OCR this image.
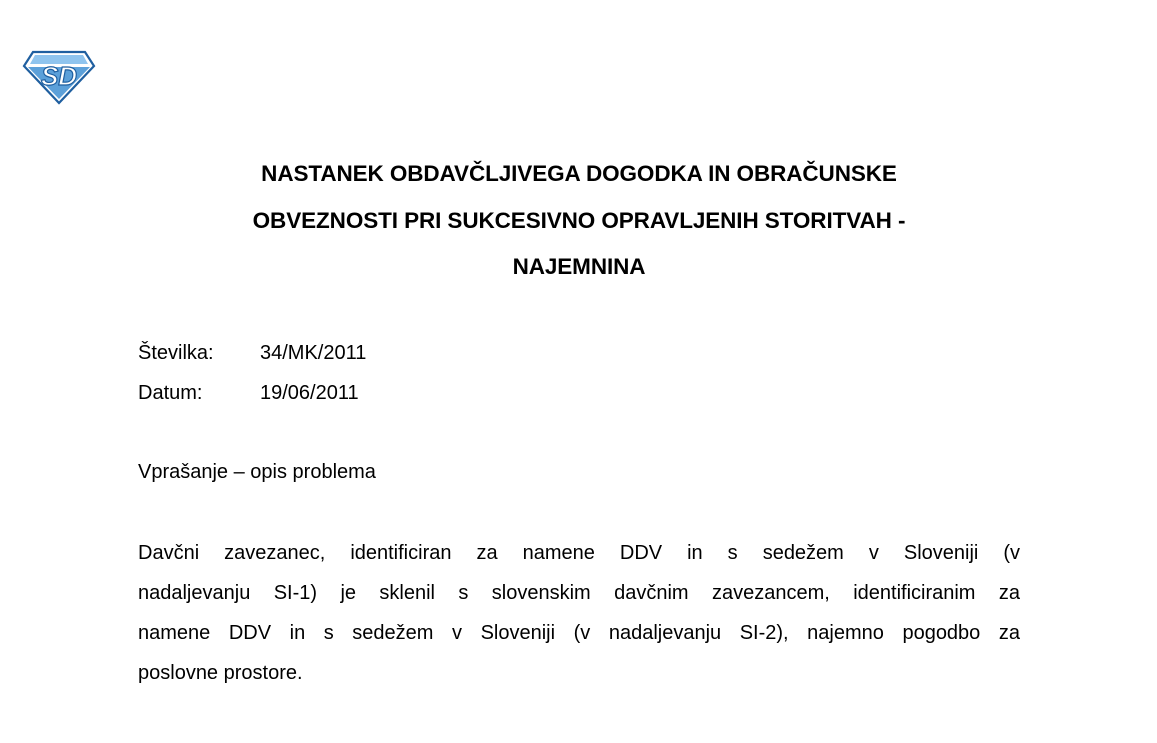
SD
NASTANEK OBDAVČLJIVEGA DOGODKA IN OBRAČUNSKE
OBVEZNOSTI PRI SUKCESIVNO OPRAVLJENIH STORITVAH -
NAJEMNINA
Številka: 34/MK/2011
Datum:	19/06/2011
Vprašanje – opis problema
Davčni zavezanec, identificiran za namene DDV in s sedežem v Sloveniji (v
nadaljevanju SI-1) je sklenil s slovenskim davčnim zavezancem, identificiranim za
namene DDV in s sedežem v Sloveniji (v nadaljevanju SI-2), najemno pogodbo za
poslovne prostore.
